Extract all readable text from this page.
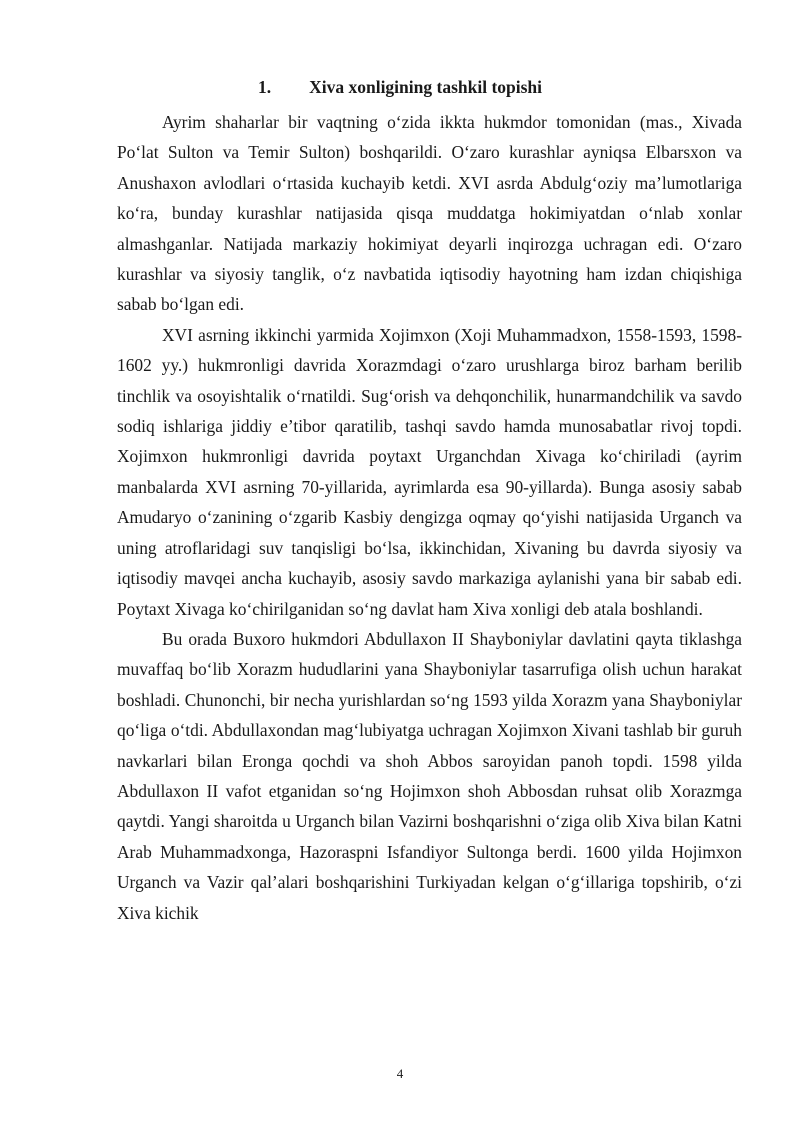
1. Xiva xonligining tashkil topishi

Ayrim shaharlar bir vaqtning o‘zida ikkta hukmdor tomonidan (mas., Xivada Po‘lat Sulton va Temir Sulton) boshqarildi. O‘zaro kurashlar ayniqsa Elbarsxon va Anushaxon avlodlari o‘rtasida kuchayib ketdi. XVI asrda Abdulg‘oziy ma’lumotlariga ko‘ra, bunday kurashlar natijasida qisqa muddatga hokimiyatdan o‘nlab xonlar almashganlar. Natijada markaziy hokimiyat deyarli inqirozga uchragan edi. O‘zaro kurashlar va siyosiy tanglik, o‘z navbatida iqtisodiy hayotning ham izdan chiqishiga sabab bo‘lgan edi.

XVI asrning ikkinchi yarmida Xojimxon (Xoji Muhammadxon, 1558-1593, 1598-1602 yy.) hukmronligi davrida Xorazmdagi o‘zaro urushlarga biroz barham berilib tinchlik va osoyishtalik o‘rnatildi. Sug‘orish va dehqonchilik, hunarmandchilik va savdo sodiq ishlariga jiddiy e’tibor qaratilib, tashqi savdo hamda munosabatlar rivoj topdi. Xojimxon hukmronligi davrida poytaxt Urganchdan Xivaga ko‘chiriladi (ayrim manbalarda XVI asrning 70-yillarida, ayrimlarda esa 90-yillarda). Bunga asosiy sabab Amudaryo o‘zanining o‘zgarib Kasbiy dengizga oqmay qo‘yishi natijasida Urganch va uning atroflaridagi suv tanqisligi bo‘lsa, ikkinchidan, Xivaning bu davrda siyosiy va iqtisodiy mavqei ancha kuchayib, asosiy savdo markaziga aylanishi yana bir sabab edi. Poytaxt Xivaga ko‘chirilganidan so‘ng davlat ham Xiva xonligi deb atala boshlandi.

Bu orada Buxoro hukmdori Abdullaxon II Shayboniylar davlatini qayta tiklashga muvaffaq bo‘lib Xorazm hududlarini yana Shayboniylar tasarrufiga olish uchun harakat boshladi. Chunonchi, bir necha yurishlardan so‘ng 1593 yilda Xorazm yana Shayboniylar qo‘liga o‘tdi. Abdullaxondan mag‘lubiyatga uchragan Xojimxon Xivani tashlab bir guruh navkarlari bilan Eronga qochdi va shoh Abbos saroyidan panoh topdi. 1598 yilda Abdullaxon II vafot etganidan so‘ng Hojimxon shoh Abbosdan ruhsat olib Xorazmga qaytdi. Yangi sharoitda u Urganch bilan Vazirni boshqarishni o‘ziga olib Xiva bilan Katni Arab Muhammadxonga, Hazoraspni Isfandiyor Sultonga berdi. 1600 yilda Hojimxon Urganch va Vazir qal’alari boshqarishini Turkiyadan kelgan o‘g‘illariga topshirib, o‘zi Xiva kichik

4
